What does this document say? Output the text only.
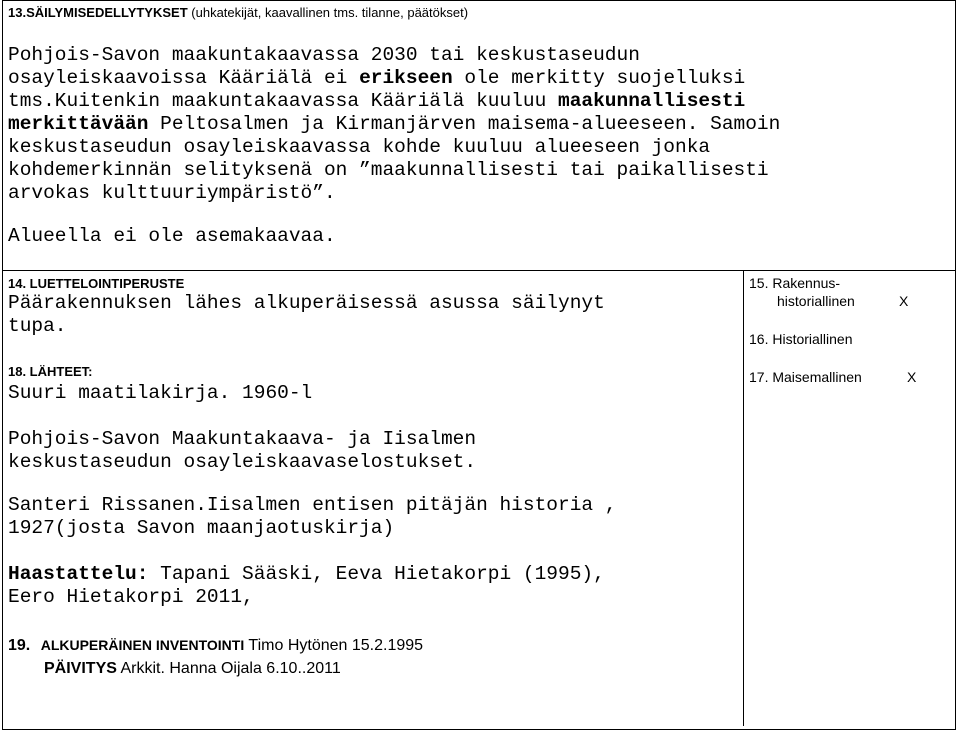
13.SÄILYMISEDELLYTYKSET (uhkatekijät, kaavallinen tms. tilanne, päätökset)
Pohjois-Savon maakuntakaavassa 2030 tai keskustaseudun
osayleiskaavoissa Kääriälä ei erikseen ole merkitty suojelluksi
tms.Kuitenkin maakuntakaavassa Kääriälä kuuluu maakunnallisesti
merkittävään Peltosalmen ja Kirmanjärven maisema-alueeseen. Samoin
keskustaseudun osayleiskaavassa kohde kuuluu alueeseen jonka
kohdemerkinnän selityksenä on ”maakunnallisesti tai paikallisesti
arvokas kulttuuriympäristö”.
Alueella ei ole asemakaavaa.
14. LUETTELOINTIPERUSTE
Päärakennuksen lähes alkuperäisessä asussa säilynyt
tupa.
18. LÄHTEET:
Suuri maatilakirja. 1960-l
Pohjois-Savon Maakuntakaava- ja Iisalmen
keskustaseudun osayleiskaavaselostukset.
Santeri Rissanen.Iisalmen entisen pitäjän historia ,
1927(josta Savon maanjaotuskirja)
Haastattelu: Tapani Sääski, Eeva Hietakorpi (1995),
Eero Hietakorpi 2011,
19. ALKUPERÄINEN INVENTOINTI Timo Hytönen 15.2.1995
PÄIVITYS Arkkit. Hanna Oijala 6.10..2011
15. Rakennus-
historiallinen	X
16. Historiallinen
17. Maisemallinen	X
